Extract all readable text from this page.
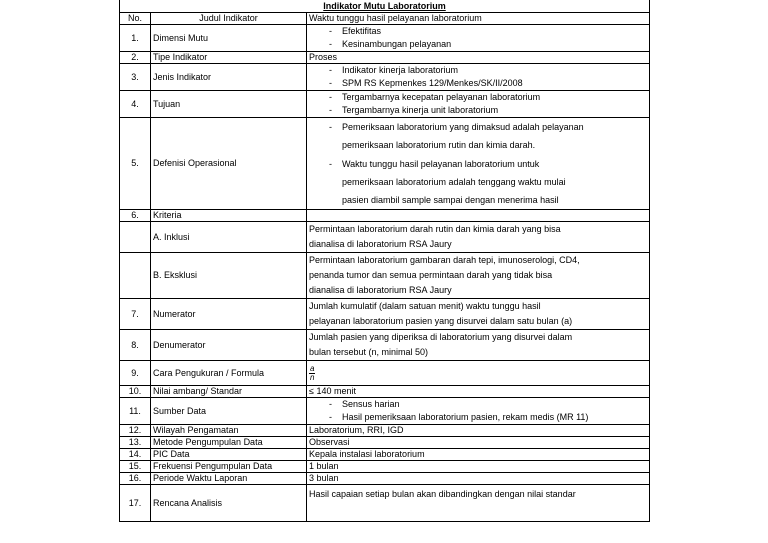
Indikator Mutu Laboratorium		
No.	Judul Indikator	Waktu tunggu hasil pelayanan laboratorium
1.	Dimensi Mutu	- Efektifitas
- Kesinambungan pelayanan

2.	Tipe Indikator	Proses
3.	Jenis Indikator	- Indikator kinerja laboratorium
- SPM RS Kepmenkes 129/Menkes/SK/II/2008

4.	Tujuan	- Tergambarnya kecepatan pelayanan laboratorium
- Tergambarnya kinerja unit laboratorium

5.	Defenisi Operasional	- Pemeriksaan laboratorium yang dimaksud adalah pelayanan
pemeriksaan laboratorium rutin dan kimia darah.
- Waktu tunggu hasil pelayanan laboratorium untuk
pemeriksaan laboratorium adalah tenggang waktu mulai
pasien diambil sample sampai dengan menerima hasil

6.	Kriteria	
	A. Inklusi	Permintaan laboratorium darah rutin dan kimia darah yang bisa
dianalisa di laboratorium RSA Jaury

	B. Eksklusi	Permintaan laboratorium gambaran darah tepi, imunoserologi, CD4,
penanda tumor dan semua permintaan darah yang tidak bisa
dianalisa di laboratorium RSA Jaury

7.	Numerator	Jumlah kumulatif (dalam satuan menit) waktu tunggu hasil
pelayanan laboratorium pasien yang disurvei dalam satu bulan (a)

8.	Denumerator	Jumlah pasien yang diperiksa di laboratorium yang disurvei dalam
bulan tersebut (n, minimal 50)

9.	Cara Pengukuran / Formula	$\frac{a}{n}$

10.	Nilai ambang/ Standar	≤ 140 menit
11.	Sumber Data	- Sensus harian
- Hasil pemeriksaan laboratorium pasien, rekam medis (MR 11)

12.	Wilayah Pengamatan	Laboratorium, RRI, IGD
13.	Metode Pengumpulan Data	Observasi
14.	PIC Data	Kepala instalasi laboratorium
15.	Frekuensi Pengumpulan Data	1 bulan
16.	Periode Waktu Laporan	3 bulan
17.	Rencana Analisis	Hasil capaian setiap bulan akan dibandingkan dengan nilai standar
